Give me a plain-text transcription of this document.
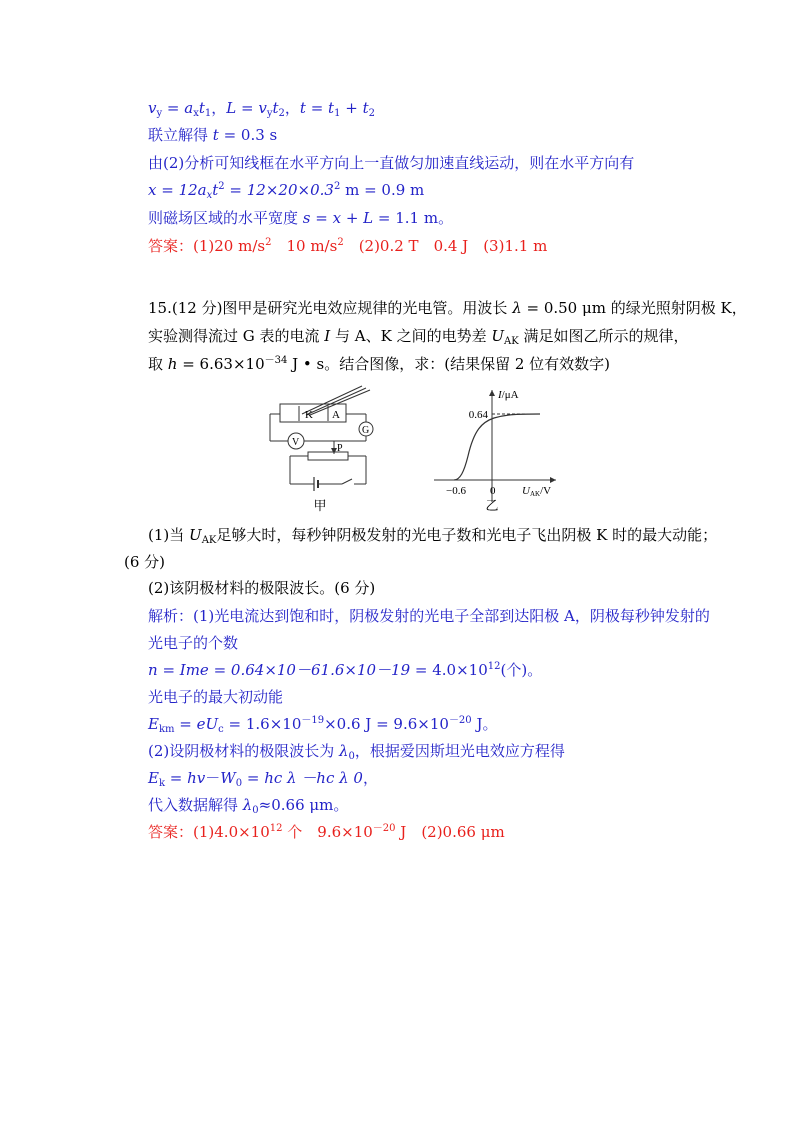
$v_y = a_xt_1$，$L = v_yt_2$，$t = t_1 + t_2$
联立解得 t = 0.3 s
由(2)分析可知线框在水平方向上一直做匀加速直线运动，则在水平方向有
$x = 12a_xt^2 = 12\times 20\times 0.3^2$ m = 0.9 m
则磁场区域的水平宽度 s = x + L = 1.1 m。
答案：(1)20 $m/s^2$　10 $m/s^2$　(2)0.2 T　0.4 J　(3)1.1 m
15.(12 分)图甲是研究光电效应规律的光电管。用波长 λ = 0.50 μm 的绿光照射阴极 K，
实验测得流过 G 表的电流 I 与 A、K 之间的电势差 $U_{AK}$ 满足如图乙所示的规律，
取 $h = 6.63\times 10^{-34}$ J • s。结合图像，求：(结果保留 2 位有效数字)
K A
G
V
P
甲
I/μA
0.64
−0.6 0 UAK/V
乙
(1)当 $U_{AK}$足够大时，每秒钟阴极发射的光电子数和光电子飞出阴极 K 时的最大动能；
(6 分)
(2)该阴极材料的极限波长。(6 分)
解析：(1)光电流达到饱和时，阴极发射的光电子全部到达阳极 A，阴极每秒钟发射的
光电子的个数
n = Ime = $0.64\times 10-61.6\times 10-19 = 4.0\times 10^{12}$(个)。
光电子的最大初动能
$E_{km} = eU_c = 1.6\times 10^{-19}\times 0.6$ $J = 9.6\times 10^{-20}$ J。
(2)设阴极材料的极限波长为 $\lambda_0$，根据爱因斯坦光电效应方程得
$E_k = hv-W_0$ = hc λ －hc λ 0，
代入数据解得 $\lambda_0\approx 0.66$ μm。
答案：$(1)4.0\times 10^{12}$ 个　$9.6\times 10^{-20}$ J　(2)0.66 μm
